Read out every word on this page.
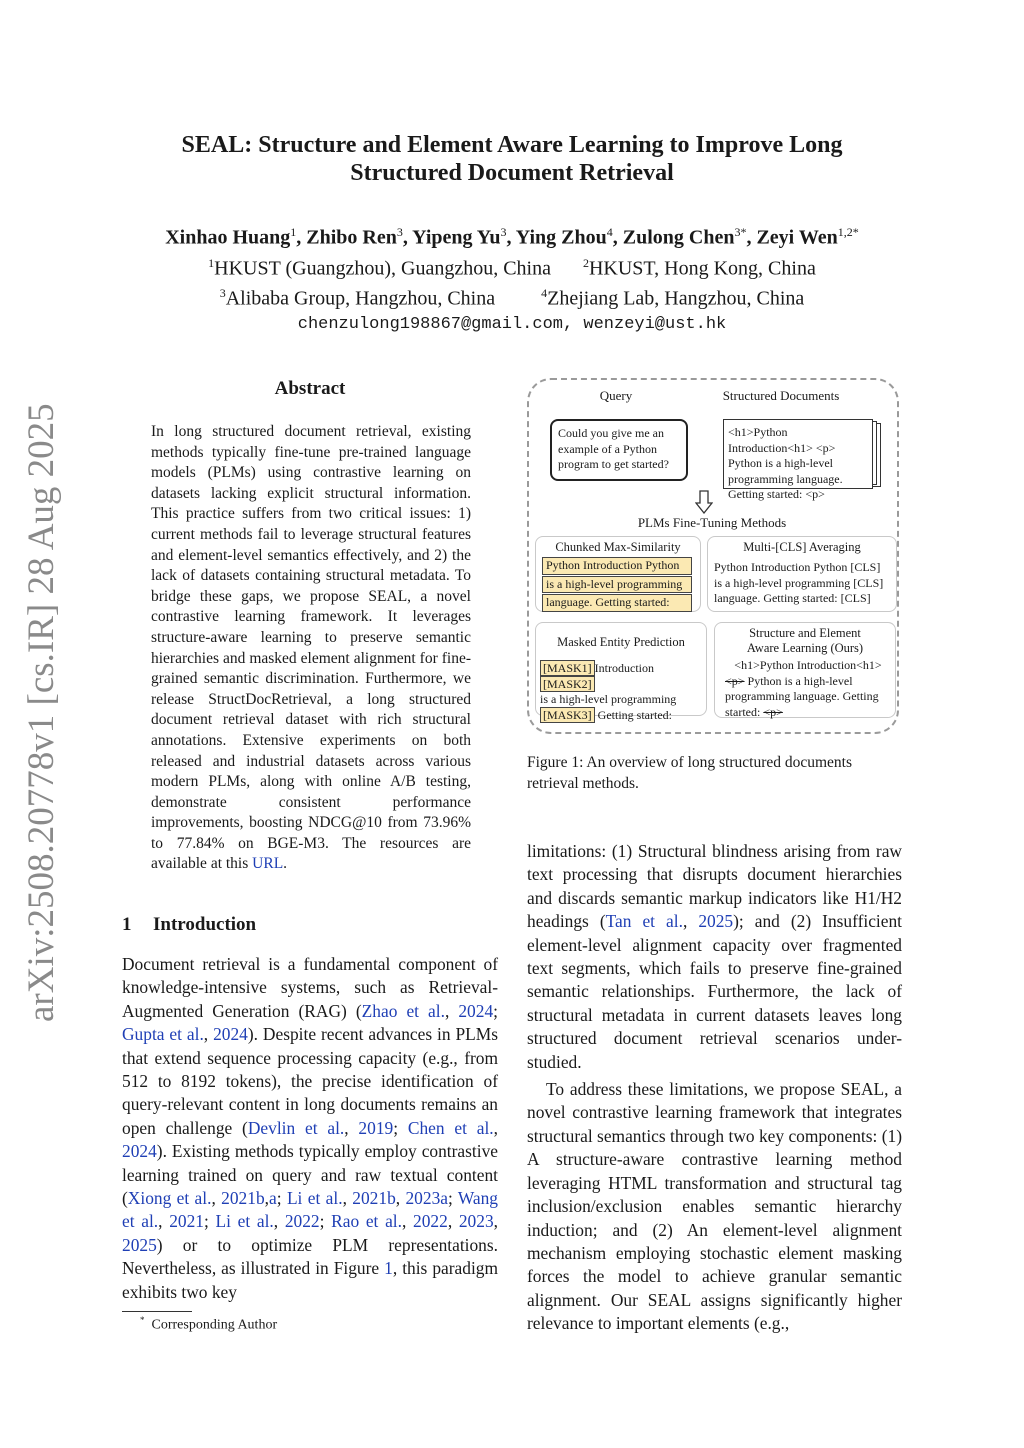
arXiv:2508.20778v1 [cs.IR] 28 Aug 2025
SEAL: Structure and Element Aware Learning to Improve Long
Structured Document Retrieval
Xinhao Huang$^1$, Zhibo Ren$^3$, Yipeng Yu$^3$, Ying Zhou$^4$, Zulong Chen$^{3*}$, Zeyi Wen$^{1,2*}$
$^1$HKUST (Guangzhou), Guangzhou, China	$^2$HKUST, Hong Kong, China
$^3$Alibaba Group, Hangzhou, China	$^4$Zhejiang Lab, Hangzhou, China
chenzulong198867@gmail.com, wenzeyi@ust.hk
Abstract
In long structured document retrieval, existing methods typically fine-tune pre-trained language models (PLMs) using contrastive learning on datasets lacking explicit structural information. This practice suffers from two critical issues: 1) current methods fail to leverage structural features and element-level semantics effectively, and 2) the lack of datasets containing structural metadata. To bridge these gaps, we propose SEAL, a novel contrastive learning framework. It leverages structure-aware learning to preserve semantic hierarchies and masked element alignment for fine-grained semantic discrimination. Furthermore, we release StructDocRetrieval, a long structured document retrieval dataset with rich structural annotations. Extensive experiments on both released and industrial datasets across various modern PLMs, along with online A/B testing, demonstrate consistent performance improvements, boosting NDCG@10 from 73.96% to 77.84% on BGE-M3. The resources are available at this URL.
1 Introduction
Document retrieval is a fundamental component of knowledge-intensive systems, such as Retrieval-Augmented Generation (RAG) (Zhao et al., 2024; Gupta et al., 2024). Despite recent advances in PLMs that extend sequence processing capacity (e.g., from 512 to 8192 tokens), the precise identification of query-relevant content in long documents remains an open challenge (Devlin et al., 2019; Chen et al., 2024). Existing methods typically employ contrastive learning trained on query and raw textual content (Xiong et al., 2021b,a; Li et al., 2021b, 2023a; Wang et al., 2021; Li et al., 2022; Rao et al., 2022, 2023, 2025) or to optimize PLM representations. Nevertheless, as illustrated in Figure 1, this paradigm exhibits two key
* Corresponding Author
Query	Structured Documents
Could you give me an example of a Python program to get started?
<h1>Python Introduction<h1> <p> Python is a high-level programming language. Getting started: <p>
PLMs Fine-Tuning Methods
Chunked Max-Similarity
Python Introduction Python
is a high-level programming
language. Getting started:
Multi-[CLS] Averaging
Python Introduction Python [CLS] is a high-level programming [CLS] language. Getting started: [CLS]
Masked Entity Prediction
[MASK1] Introduction [MASK2]
is a high-level programming
[MASK3] Getting started:
Structure and Element Aware Learning (Ours)
<h1>Python Introduction<h1>
<p> Python is a high-level programming language. Getting started: <p>
Figure 1: An overview of long structured documents retrieval methods.

limitations: (1) Structural blindness arising from raw text processing that disrupts document hierarchies and discards semantic markup indicators like H1/H2 headings (Tan et al., 2025); and (2) Insufficient element-level alignment capacity over fragmented text segments, which fails to preserve fine-grained semantic relationships. Furthermore, the lack of structural metadata in current datasets leaves long structured document retrieval scenarios under-studied.

To address these limitations, we propose SEAL, a novel contrastive learning framework that integrates structural semantics through two key components: (1) A structure-aware contrastive learning method leveraging HTML transformation and structural tag inclusion/exclusion enables semantic hierarchy induction; and (2) An element-level alignment mechanism employing stochastic element masking forces the model to achieve granular semantic alignment. Our SEAL assigns significantly higher relevance to important elements (e.g.,
